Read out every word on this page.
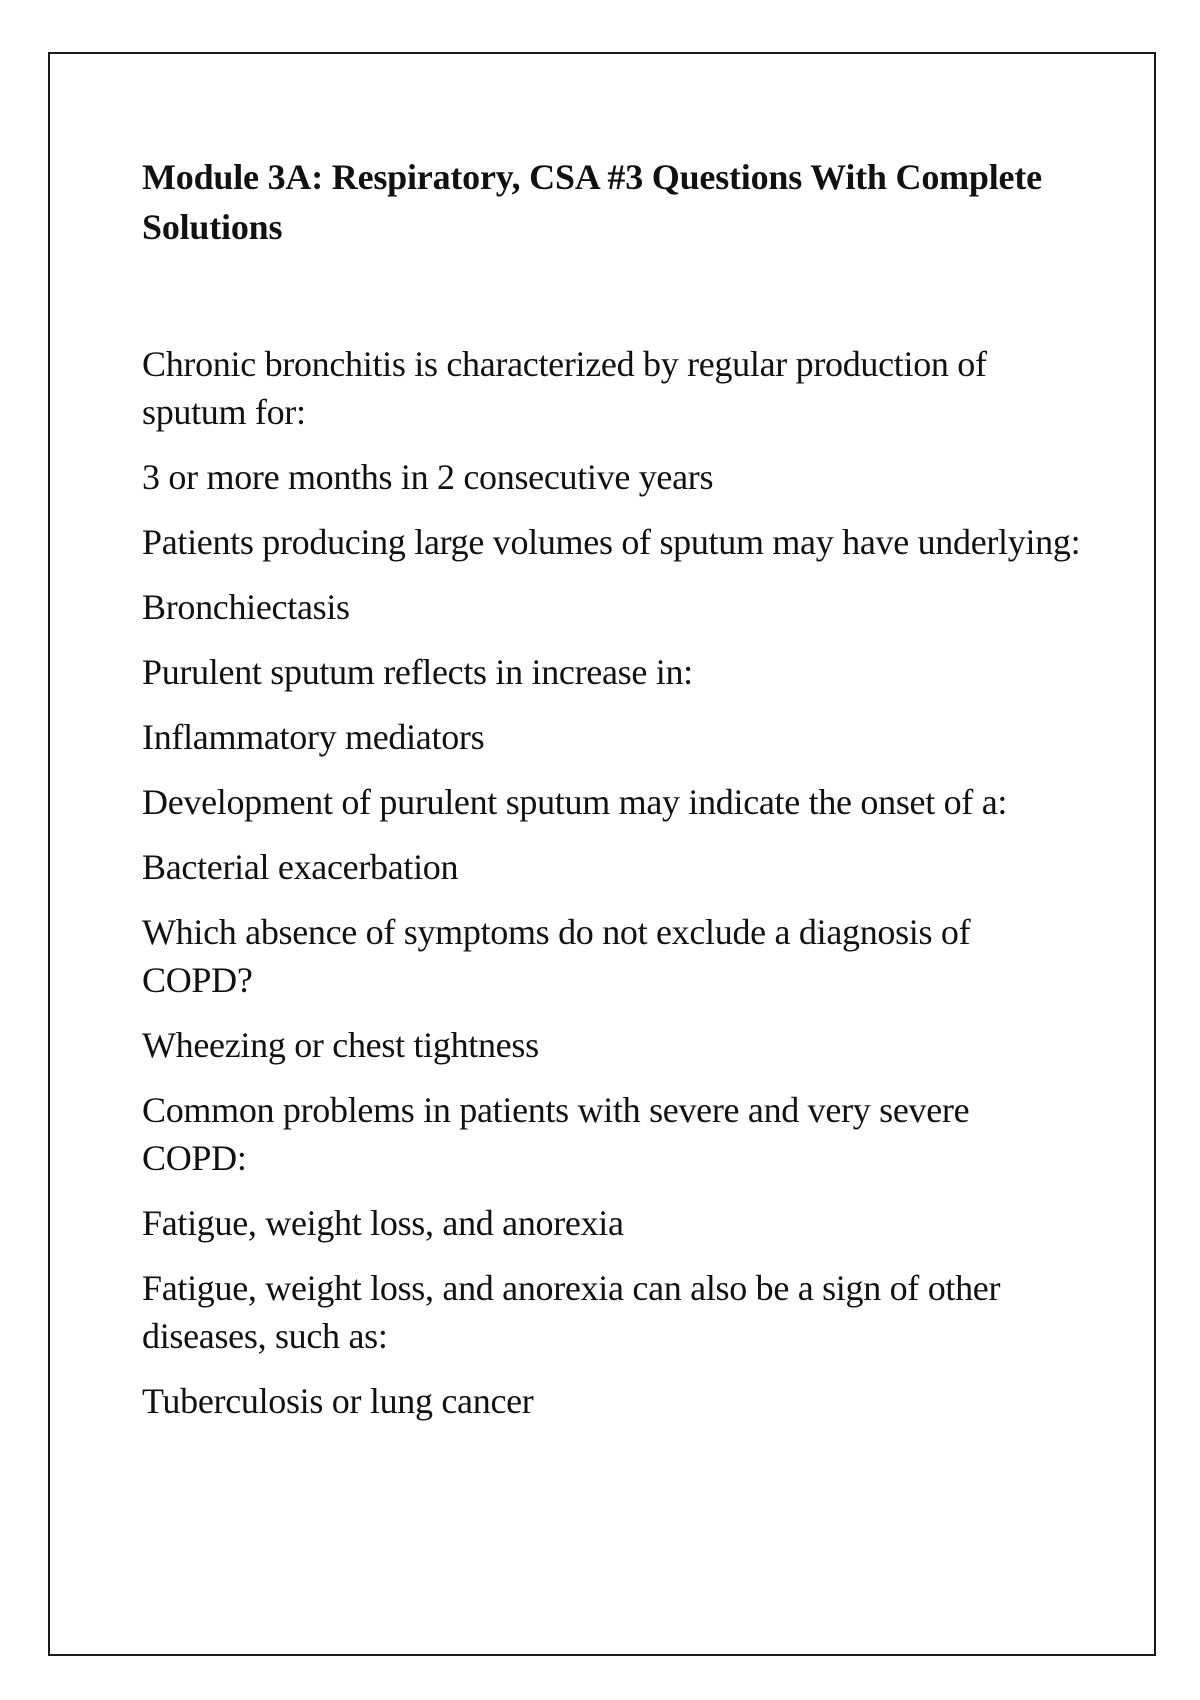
Module 3A: Respiratory, CSA #3 Questions With Complete Solutions

Chronic bronchitis is characterized by regular production of sputum for:

3 or more months in 2 consecutive years

Patients producing large volumes of sputum may have underlying:

Bronchiectasis

Purulent sputum reflects in increase in:

Inflammatory mediators

Development of purulent sputum may indicate the onset of a:

Bacterial exacerbation

Which absence of symptoms do not exclude a diagnosis of COPD?

Wheezing or chest tightness

Common problems in patients with severe and very severe COPD:

Fatigue, weight loss, and anorexia

Fatigue, weight loss, and anorexia can also be a sign of other diseases, such as:

Tuberculosis or lung cancer
